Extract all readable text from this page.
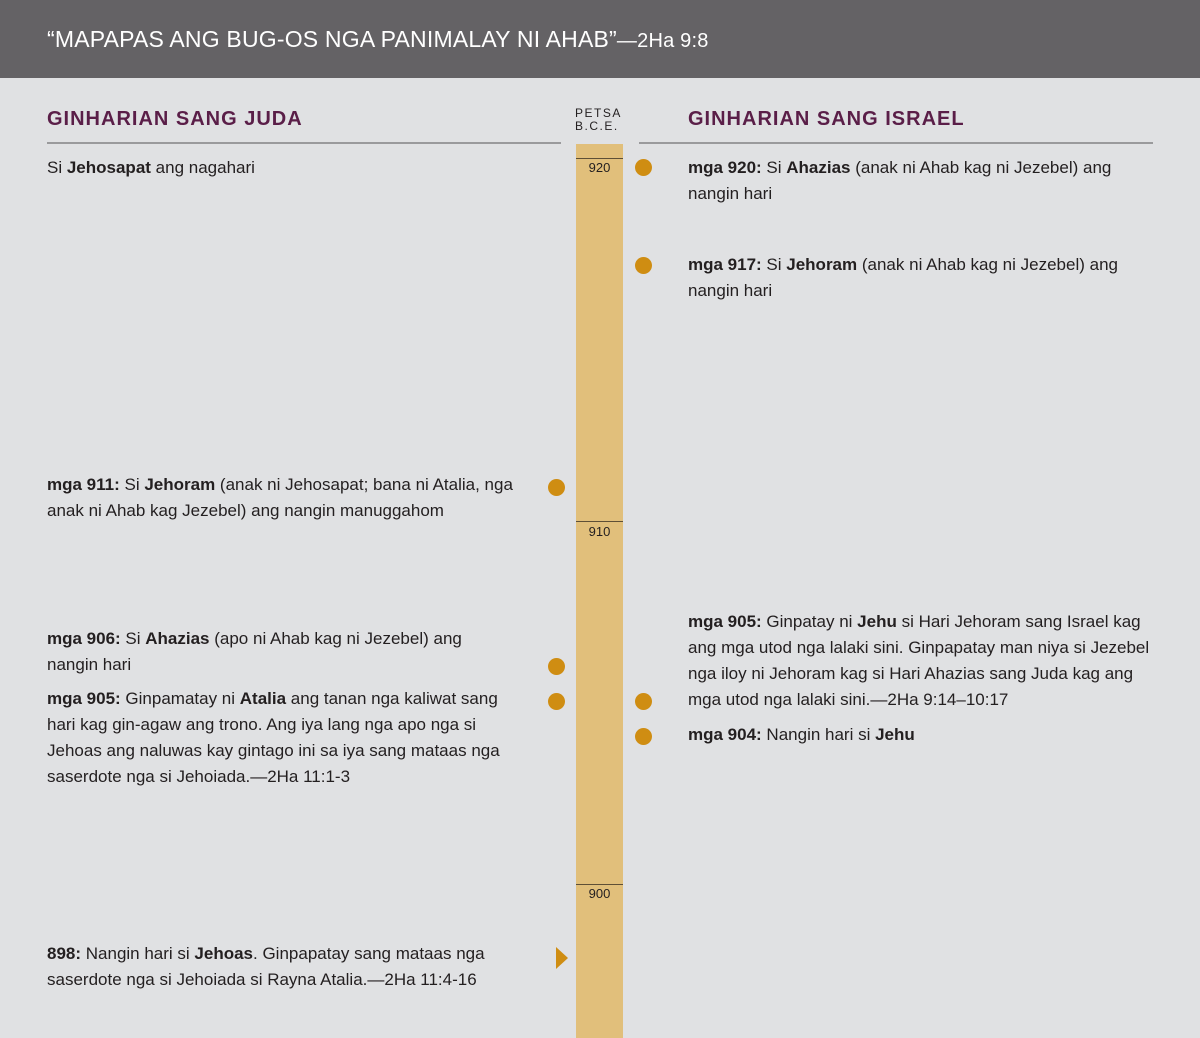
“MAPAPAS ANG BUG-OS NGA PANIMALAY NI AHAB”—2Ha 9:8
GINHARIAN SANG JUDA	GINHARIAN SANG ISRAEL
PETSA
B.C.E.
920
910
900
Si Jehosapat ang nagahari
mga 911: Si Jehoram (anak ni Jehosapat; bana ni Atalia, nga anak ni Ahab kag Jezebel) ang nangin manuggahom
mga 906: Si Ahazias (apo ni Ahab kag ni Jezebel) ang nangin hari
mga 905: Ginpamatay ni Atalia ang tanan nga kaliwat sang hari kag gin-agaw ang trono. Ang iya lang nga apo nga si Jehoas ang naluwas kay gintago ini sa iya sang mataas nga saserdote nga si Jehoiada.—2Ha 11:1-3
898: Nangin hari si Jehoas. Ginpapatay sang mataas nga saserdote nga si Jehoiada si Rayna Atalia.—2Ha 11:4-16
mga 920: Si Ahazias (anak ni Ahab kag ni Jezebel) ang nangin hari
mga 917: Si Jehoram (anak ni Ahab kag ni Jezebel) ang nangin hari
mga 905: Ginpatay ni Jehu si Hari Jehoram sang Israel kag ang mga utod nga lalaki sini. Ginpapatay man niya si Jezebel nga iloy ni Jehoram kag si Hari Ahazias sang Juda kag ang mga utod nga lalaki sini.—2Ha 9:14–10:17
mga 904: Nangin hari si Jehu
